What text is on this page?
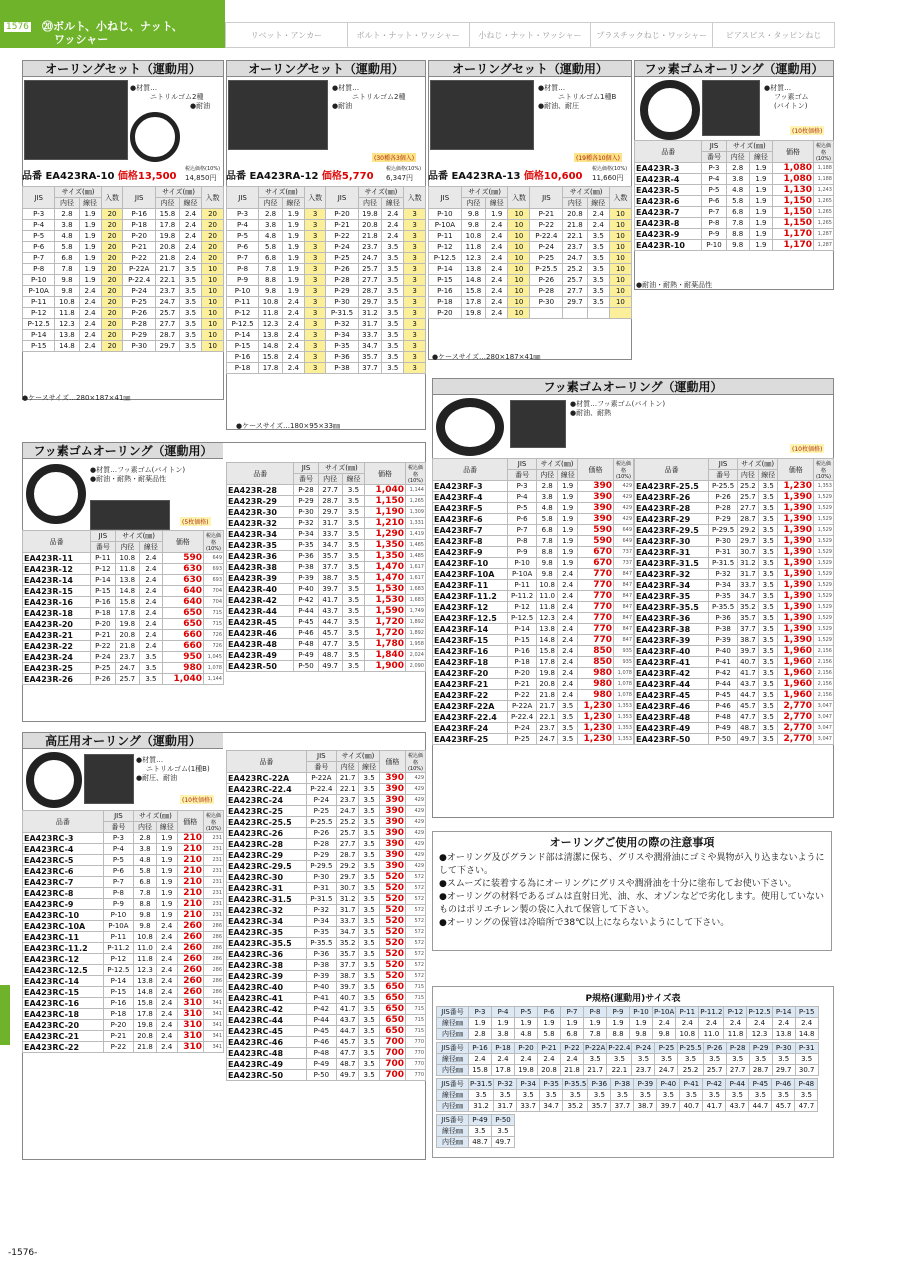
1576 ⑳ボルト、小ねじ、ナット、
ワッシャー	リベット・アンカー	ボルト・ナット・ワッシャー	小ねじ・ナット・ワッシャー	プラスチックねじ・ワッシャー	ビアスビス・タッピンねじ
オーリングセット（運動用）
●材質…
ニトリルゴム2種
●耐油
品番 EA423RA-10 価格13,500
税込価格(10%)
14,850円
JIS	サイズ(㎜)		入数	JIS	サイズ(㎜)		入数
	内径	線径			内径	線径	
P-3	2.8	1.9	20	P-16	15.8	2.4	20
P-4	3.8	1.9	20	P-18	17.8	2.4	20
P-5	4.8	1.9	20	P-20	19.8	2.4	20
P-6	5.8	1.9	20	P-21	20.8	2.4	20
P-7	6.8	1.9	20	P-22	21.8	2.4	20
P-8	7.8	1.9	20	P-22A	21.7	3.5	10
P-10	9.8	1.9	20	P-22.4	22.1	3.5	10
P-10A	9.8	2.4	20	P-24	23.7	3.5	10
P-11	10.8	2.4	20	P-25	24.7	3.5	10
P-12	11.8	2.4	20	P-26	25.7	3.5	10
P-12.5	12.3	2.4	20	P-28	27.7	3.5	10
P-14	13.8	2.4	20	P-29	28.7	3.5	10
P-15	14.8	2.4	20	P-30	29.7	3.5	10
●ケースサイズ…280×187×41㎜
オーリングセット（運動用）
●材質…
ニトリルゴム2種
●耐油
(30種各3個入)
品番 EA423RA-12 価格5,770
税込価格(10%)
6,347円
JIS	サイズ(㎜)		入数	JIS	サイズ(㎜)		入数
	内径	線径			内径	線径	
P-3	2.8	1.9	3	P-20	19.8	2.4	3
P-4	3.8	1.9	3	P-21	20.8	2.4	3
P-5	4.8	1.9	3	P-22	21.8	2.4	3
P-6	5.8	1.9	3	P-24	23.7	3.5	3
P-7	6.8	1.9	3	P-25	24.7	3.5	3
P-8	7.8	1.9	3	P-26	25.7	3.5	3
P-9	8.8	1.9	3	P-28	27.7	3.5	3
P-10	9.8	1.9	3	P-29	28.7	3.5	3
P-11	10.8	2.4	3	P-30	29.7	3.5	3
P-12	11.8	2.4	3	P-31.5	31.2	3.5	3
P-12.5	12.3	2.4	3	P-32	31.7	3.5	3
P-14	13.8	2.4	3	P-34	33.7	3.5	3
P-15	14.8	2.4	3	P-35	34.7	3.5	3
P-16	15.8	2.4	3	P-36	35.7	3.5	3
P-18	17.8	2.4	3	P-38	37.7	3.5	3
●ケースサイズ…180×95×33㎜
オーリングセット（運動用）
●材質…
ニトリルゴム1種B
●耐油、耐圧
(19種各10個入)
品番 EA423RA-13 価格10,600
税込価格(10%)
11,660円
JIS	サイズ(㎜)		入数	JIS	サイズ(㎜)		入数
	内径	線径			内径	線径	
P-10	9.8	1.9	10	P-21	20.8	2.4	10
P-10A	9.8	2.4	10	P-22	21.8	2.4	10
P-11	10.8	2.4	10	P-22.4	22.1	3.5	10
P-12	11.8	2.4	10	P-24	23.7	3.5	10
P-12.5	12.3	2.4	10	P-25	24.7	3.5	10
P-14	13.8	2.4	10	P-25.5	25.2	3.5	10
P-15	14.8	2.4	10	P-26	25.7	3.5	10
P-16	15.8	2.4	10	P-28	27.7	3.5	10
P-18	17.8	2.4	10	P-30	29.7	3.5	10
P-20	19.8	2.4	10				
●ケースサイズ…280×187×41㎜
フッ素ゴムオーリング（運動用）
●材質…
フッ素ゴム
(バイトン)
(10枚価格)
品番	JIS	サイズ(㎜)		価格	税込価格(10%)
	番号	内径	線径		
EA423R-3	P-3	2.8	1.9	1,080	1,188
EA423R-4	P-4	3.8	1.9	1,080	1,188
EA423R-5	P-5	4.8	1.9	1,130	1,243
EA423R-6	P-6	5.8	1.9	1,150	1,265
EA423R-7	P-7	6.8	1.9	1,150	1,265
EA423R-8	P-8	7.8	1.9	1,150	1,265
EA423R-9	P-9	8.8	1.9	1,170	1,287
EA423R-10	P-10	9.8	1.9	1,170	1,287
●耐油・耐熱・耐薬品性
フッ素ゴムオーリング（運動用）
●材質…フッ素ゴム(バイトン)
●耐油・耐熱・耐薬品性
(5枚価格)
品番	JIS	サイズ(㎜)		価格	税込価格(10%)
	番号	内径	線径		
EA423R-11	P-11	10.8	2.4	590	649
EA423R-12	P-12	11.8	2.4	630	693
EA423R-14	P-14	13.8	2.4	630	693
EA423R-15	P-15	14.8	2.4	640	704
EA423R-16	P-16	15.8	2.4	640	704
EA423R-18	P-18	17.8	2.4	650	715
EA423R-20	P-20	19.8	2.4	650	715
EA423R-21	P-21	20.8	2.4	660	726
EA423R-22	P-22	21.8	2.4	660	726
EA423R-24	P-24	23.7	3.5	950	1,045
EA423R-25	P-25	24.7	3.5	980	1,078
EA423R-26	P-26	25.7	3.5	1,040	1,144
品番	JIS	サイズ(㎜)		価格	税込価格(10%)
	番号	内径	線径		
EA423R-28	P-28	27.7	3.5	1,040	1,144
EA423R-29	P-29	28.7	3.5	1,150	1,265
EA423R-30	P-30	29.7	3.5	1,190	1,309
EA423R-32	P-32	31.7	3.5	1,210	1,331
EA423R-34	P-34	33.7	3.5	1,290	1,419
EA423R-35	P-35	34.7	3.5	1,350	1,485
EA423R-36	P-36	35.7	3.5	1,350	1,485
EA423R-38	P-38	37.7	3.5	1,470	1,617
EA423R-39	P-39	38.7	3.5	1,470	1,617
EA423R-40	P-40	39.7	3.5	1,530	1,683
EA423R-42	P-42	41.7	3.5	1,530	1,683
EA423R-44	P-44	43.7	3.5	1,590	1,749
EA423R-45	P-45	44.7	3.5	1,720	1,892
EA423R-46	P-46	45.7	3.5	1,720	1,892
EA423R-48	P-48	47.7	3.5	1,780	1,958
EA423R-49	P-49	48.7	3.5	1,840	2,024
EA423R-50	P-50	49.7	3.5	1,900	2,090
フッ素ゴムオーリング（運動用）
●材質…フッ素ゴム(バイトン)
●耐油、耐熱
(10枚価格)
品番	JIS	サイズ(㎜)		価格	税込価格(10%)
	番号	内径	線径		
EA423RF-3	P-3	2.8	1.9	390	429
EA423RF-4	P-4	3.8	1.9	390	429
EA423RF-5	P-5	4.8	1.9	390	429
EA423RF-6	P-6	5.8	1.9	390	429
EA423RF-7	P-7	6.8	1.9	590	649
EA423RF-8	P-8	7.8	1.9	590	649
EA423RF-9	P-9	8.8	1.9	670	737
EA423RF-10	P-10	9.8	1.9	670	737
EA423RF-10A	P-10A	9.8	2.4	770	847
EA423RF-11	P-11	10.8	2.4	770	847
EA423RF-11.2	P-11.2	11.0	2.4	770	847
EA423RF-12	P-12	11.8	2.4	770	847
EA423RF-12.5	P-12.5	12.3	2.4	770	847
EA423RF-14	P-14	13.8	2.4	770	847
EA423RF-15	P-15	14.8	2.4	770	847
EA423RF-16	P-16	15.8	2.4	850	935
EA423RF-18	P-18	17.8	2.4	850	935
EA423RF-20	P-20	19.8	2.4	980	1,078
EA423RF-21	P-21	20.8	2.4	980	1,078
EA423RF-22	P-22	21.8	2.4	980	1,078
EA423RF-22A	P-22A	21.7	3.5	1,230	1,353
EA423RF-22.4	P-22.4	22.1	3.5	1,230	1,353
EA423RF-24	P-24	23.7	3.5	1,230	1,353
EA423RF-25	P-25	24.7	3.5	1,230	1,353
品番	JIS	サイズ(㎜)		価格	税込価格(10%)
	番号	内径	線径		
EA423RF-25.5	P-25.5	25.2	3.5	1,230	1,353
EA423RF-26	P-26	25.7	3.5	1,390	1,529
EA423RF-28	P-28	27.7	3.5	1,390	1,529
EA423RF-29	P-29	28.7	3.5	1,390	1,529
EA423RF-29.5	P-29.5	29.2	3.5	1,390	1,529
EA423RF-30	P-30	29.7	3.5	1,390	1,529
EA423RF-31	P-31	30.7	3.5	1,390	1,529
EA423RF-31.5	P-31.5	31.2	3.5	1,390	1,529
EA423RF-32	P-32	31.7	3.5	1,390	1,529
EA423RF-34	P-34	33.7	3.5	1,390	1,529
EA423RF-35	P-35	34.7	3.5	1,390	1,529
EA423RF-35.5	P-35.5	35.2	3.5	1,390	1,529
EA423RF-36	P-36	35.7	3.5	1,390	1,529
EA423RF-38	P-38	37.7	3.5	1,390	1,529
EA423RF-39	P-39	38.7	3.5	1,390	1,529
EA423RF-40	P-40	39.7	3.5	1,960	2,156
EA423RF-41	P-41	40.7	3.5	1,960	2,156
EA423RF-42	P-42	41.7	3.5	1,960	2,156
EA423RF-44	P-44	43.7	3.5	1,960	2,156
EA423RF-45	P-45	44.7	3.5	1,960	2,156
EA423RF-46	P-46	45.7	3.5	2,770	3,047
EA423RF-48	P-48	47.7	3.5	2,770	3,047
EA423RF-49	P-49	48.7	3.5	2,770	3,047
EA423RF-50	P-50	49.7	3.5	2,770	3,047
高圧用オーリング（運動用）
●材質…
ニトリルゴム(1種B)
●耐圧、耐油
(10枚価格)
品番	JIS	サイズ(㎜)		価格	税込価格(10%)
	番号	内径	線径		
EA423RC-3	P-3	2.8	1.9	210	231
EA423RC-4	P-4	3.8	1.9	210	231
EA423RC-5	P-5	4.8	1.9	210	231
EA423RC-6	P-6	5.8	1.9	210	231
EA423RC-7	P-7	6.8	1.9	210	231
EA423RC-8	P-8	7.8	1.9	210	231
EA423RC-9	P-9	8.8	1.9	210	231
EA423RC-10	P-10	9.8	1.9	210	231
EA423RC-10A	P-10A	9.8	2.4	260	286
EA423RC-11	P-11	10.8	2.4	260	286
EA423RC-11.2	P-11.2	11.0	2.4	260	286
EA423RC-12	P-12	11.8	2.4	260	286
EA423RC-12.5	P-12.5	12.3	2.4	260	286
EA423RC-14	P-14	13.8	2.4	260	286
EA423RC-15	P-15	14.8	2.4	260	286
EA423RC-16	P-16	15.8	2.4	310	341
EA423RC-18	P-18	17.8	2.4	310	341
EA423RC-20	P-20	19.8	2.4	310	341
EA423RC-21	P-21	20.8	2.4	310	341
EA423RC-22	P-22	21.8	2.4	310	341
品番	JIS	サイズ(㎜)		価格	税込価格(10%)
	番号	内径	線径		
EA423RC-22A	P-22A	21.7	3.5	390	429
EA423RC-22.4	P-22.4	22.1	3.5	390	429
EA423RC-24	P-24	23.7	3.5	390	429
EA423RC-25	P-25	24.7	3.5	390	429
EA423RC-25.5	P-25.5	25.2	3.5	390	429
EA423RC-26	P-26	25.7	3.5	390	429
EA423RC-28	P-28	27.7	3.5	390	429
EA423RC-29	P-29	28.7	3.5	390	429
EA423RC-29.5	P-29.5	29.2	3.5	390	429
EA423RC-30	P-30	29.7	3.5	520	572
EA423RC-31	P-31	30.7	3.5	520	572
EA423RC-31.5	P-31.5	31.2	3.5	520	572
EA423RC-32	P-32	31.7	3.5	520	572
EA423RC-34	P-34	33.7	3.5	520	572
EA423RC-35	P-35	34.7	3.5	520	572
EA423RC-35.5	P-35.5	35.2	3.5	520	572
EA423RC-36	P-36	35.7	3.5	520	572
EA423RC-38	P-38	37.7	3.5	520	572
EA423RC-39	P-39	38.7	3.5	520	572
EA423RC-40	P-40	39.7	3.5	650	715
EA423RC-41	P-41	40.7	3.5	650	715
EA423RC-42	P-42	41.7	3.5	650	715
EA423RC-44	P-44	43.7	3.5	650	715
EA423RC-45	P-45	44.7	3.5	650	715
EA423RC-46	P-46	45.7	3.5	700	770
EA423RC-48	P-48	47.7	3.5	700	770
EA423RC-49	P-49	48.7	3.5	700	770
EA423RC-50	P-50	49.7	3.5	700	770
オーリングご使用の際の注意事項
●オーリング及びグランド部は清潔に保ち、グリスや潤滑油にゴミや異物が入り込まないようにして下さい。
●スムーズに装着する為にオーリングにグリスや潤滑油を十分に塗布してお使い下さい。
●オーリングの材料であるゴムは直射日光、油、水、オゾンなどで劣化します。使用していないものはポリエチレン製の袋に入れて保管して下さい。
●オーリングの保管は冷暗所で38℃以上にならないようにして下さい。
P規格(運動用)サイズ表
JIS番号	P-3	P-4	P-5	P-6	P-7	P-8	P-9	P-10	P-10A	P-11	P-11.2	P-12	P-12.5	P-14	P-15
線径㎜	1.9	1.9	1.9	1.9	1.9	1.9	1.9	1.9	2.4	2.4	2.4	2.4	2.4	2.4	2.4
内径㎜	2.8	3.8	4.8	5.8	6.8	7.8	8.8	9.8	9.8	10.8	11.0	11.8	12.3	13.8	14.8
JIS番号	P-16	P-18	P-20	P-21	P-22	P-22A	P-22.4	P-24	P-25	P-25.5	P-26	P-28	P-29	P-30	P-31
線径㎜	2.4	2.4	2.4	2.4	2.4	3.5	3.5	3.5	3.5	3.5	3.5	3.5	3.5	3.5	3.5
内径㎜	15.8	17.8	19.8	20.8	21.8	21.7	22.1	23.7	24.7	25.2	25.7	27.7	28.7	29.7	30.7
JIS番号	P-31.5	P-32	P-34	P-35	P-35.5	P-36	P-38	P-39	P-40	P-41	P-42	P-44	P-45	P-46	P-48
線径㎜	3.5	3.5	3.5	3.5	3.5	3.5	3.5	3.5	3.5	3.5	3.5	3.5	3.5	3.5	3.5
内径㎜	31.2	31.7	33.7	34.7	35.2	35.7	37.7	38.7	39.7	40.7	41.7	43.7	44.7	45.7	47.7
JIS番号	P-49	P-50
線径㎜	3.5	3.5
内径㎜	48.7	49.7
-1576-
